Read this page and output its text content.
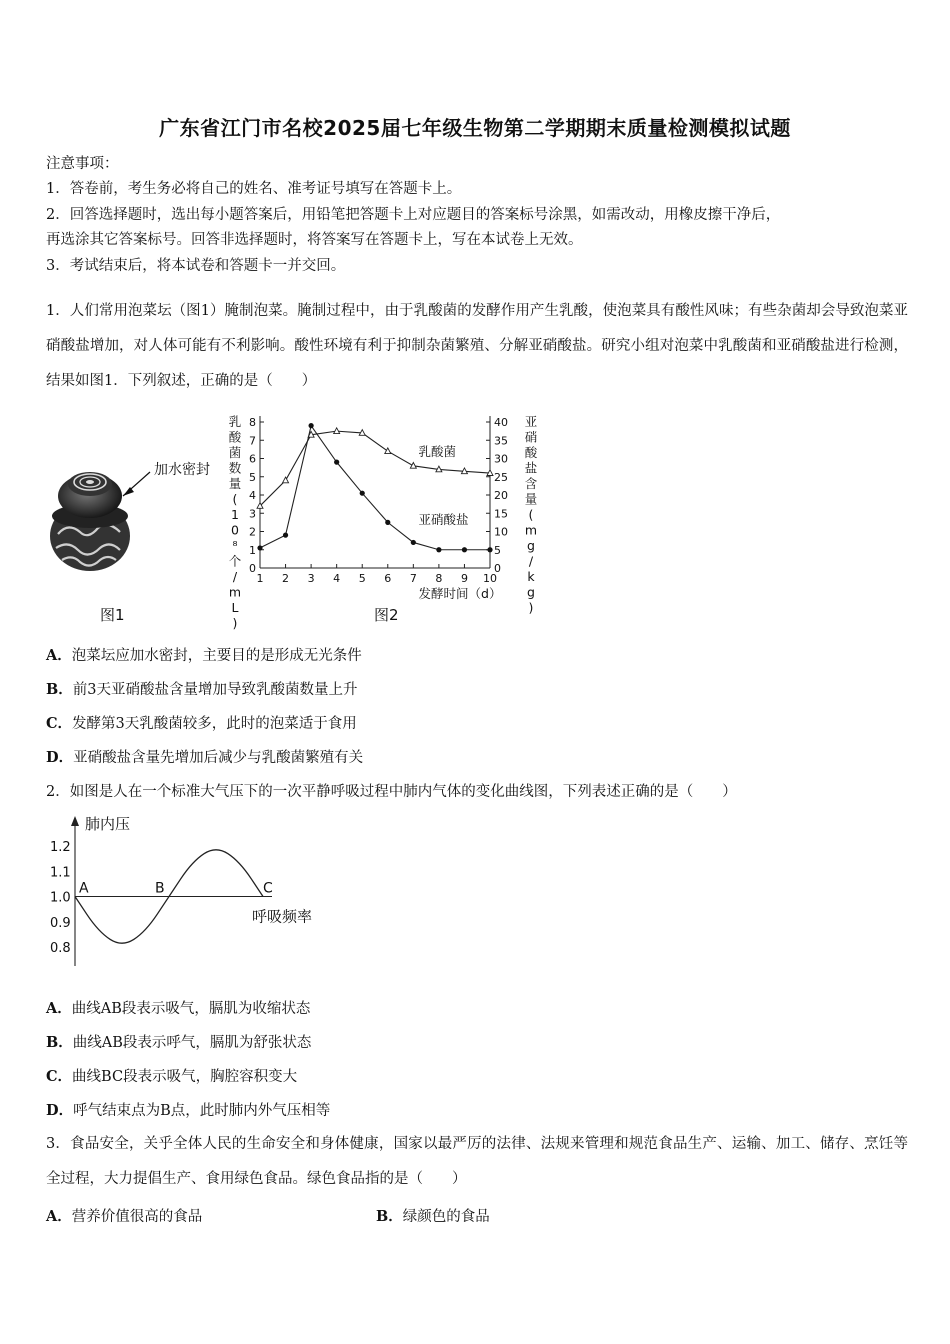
广东省江门市名校2025届七年级生物第二学期期末质量检测模拟试题
注意事项：
1．答卷前，考生务必将自己的姓名、准考证号填写在答题卡上。
2．回答选择题时，选出每小题答案后，用铅笔把答题卡上对应题目的答案标号涂黑，如需改动，用橡皮擦干净后，
再选涂其它答案标号。回答非选择题时，将答案写在答题卡上，写在本试卷上无效。
3．考试结束后，将本试卷和答题卡一并交回。
1．人们常用泡菜坛（图1）腌制泡菜。腌制过程中，由于乳酸菌的发酵作用产生乳酸，使泡菜具有酸性风味；有些杂菌却会导致泡菜亚硝酸盐增加，对人体可能有不利影响。酸性环境有利于抑制杂菌繁殖、分解亚硝酸盐。研究小组对泡菜中乳酸菌和亚硝酸盐进行检测，结果如图1．下列叙述，正确的是（　　）
加水密封
图1
0
1
2
3
4
5
6
7
8
0
5
10
15
20
25
30
35
40
1 2 3 4 5 6 7 8 9 10
乳
酸
菌
数
量
(
1
0
⁸
个
/
m
L
)
亚
硝
酸
盐
含
量
(
m
g
/
k
g
)
发酵时间（d）
乳酸菌
亚硝酸盐
图2
A．泡菜坛应加水密封，主要目的是形成无光条件
B．前3天亚硝酸盐含量增加导致乳酸菌数量上升
C．发酵第3天乳酸菌较多，此时的泡菜适于食用
D．亚硝酸盐含量先增加后减少与乳酸菌繁殖有关
2．如图是人在一个标准大气压下的一次平静呼吸过程中肺内气体的变化曲线图，下列表述正确的是（　　）
肺内压
呼吸频率
0.8
0.9
1.0
1.1
1.2
A	B	C
A．曲线AB段表示吸气，膈肌为收缩状态
B．曲线AB段表示呼气，膈肌为舒张状态
C．曲线BC段表示吸气，胸腔容积变大
D．呼气结束点为B点，此时肺内外气压相等
3．食品安全，关乎全体人民的生命安全和身体健康，国家以最严厉的法律、法规来管理和规范食品生产、运输、加工、储存、烹饪等全过程，大力提倡生产、食用绿色食品。绿色食品指的是（　　）
A．营养价值很高的食品	B．绿颜色的食品
